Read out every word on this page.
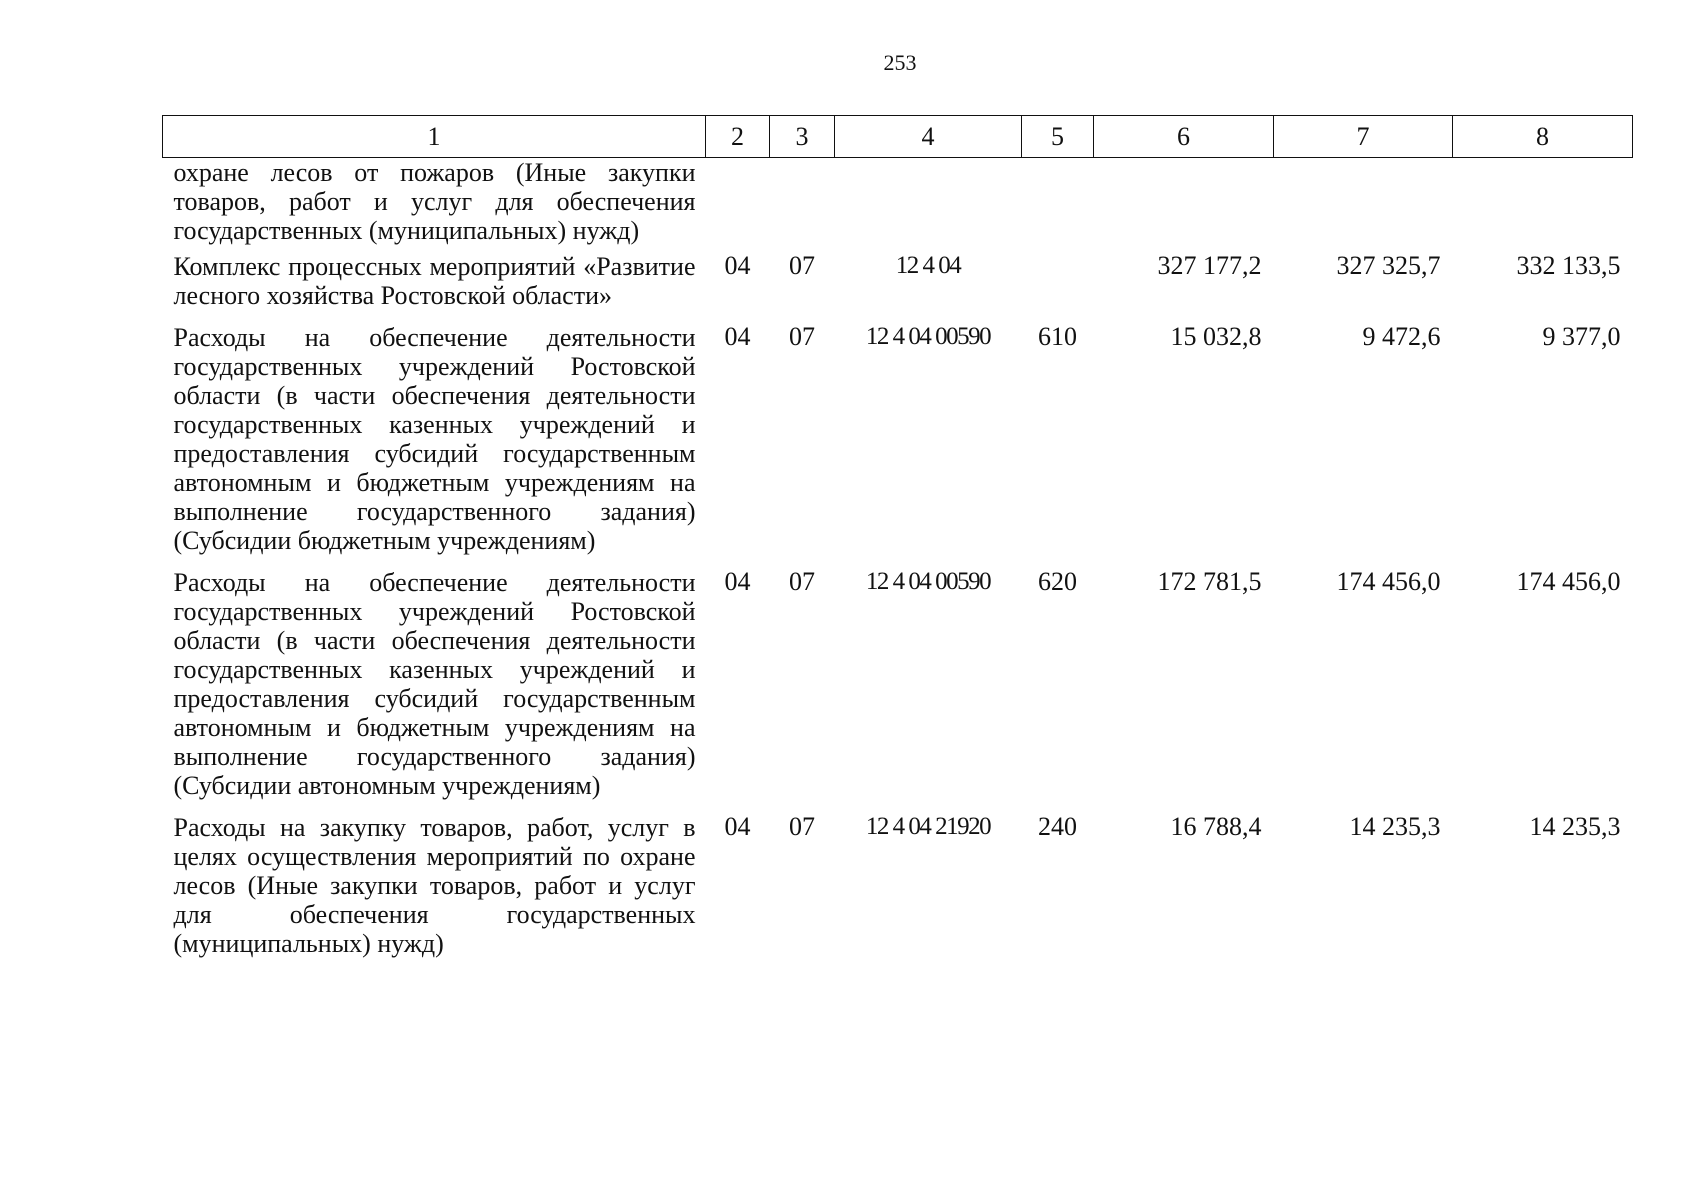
253
1	2	3	4	5	6	7	8
охране лесов от пожаров (Иные закупки товаров, работ и услуг для обеспечения государственных (муниципальных) нужд)							
Комплекс процессных мероприятий «Развитие лесного хозяйства Ростовской области»	04	07	12 4 04		327 177,2	327 325,7	332 133,5
Расходы на обеспечение деятельности государственных учреждений Ростовской области (в части обеспечения деятельности государственных казенных учреждений и предоставления субсидий государственным автономным и бюджетным учреждениям на выполнение государственного задания) (Субсидии бюджетным учреждениям)	04	07	12 4 04 00590	610	15 032,8	9 472,6	9 377,0
Расходы на обеспечение деятельности государственных учреждений Ростовской области (в части обеспечения деятельности государственных казенных учреждений и предоставления субсидий государственным автономным и бюджетным учреждениям на выполнение государственного задания) (Субсидии автономным учреждениям)	04	07	12 4 04 00590	620	172 781,5	174 456,0	174 456,0
Расходы на закупку товаров, работ, услуг в целях осуществления мероприятий по охране лесов (Иные закупки товаров, работ и услуг для обеспечения государственных (муниципальных) нужд)	04	07	12 4 04 21920	240	16 788,4	14 235,3	14 235,3
